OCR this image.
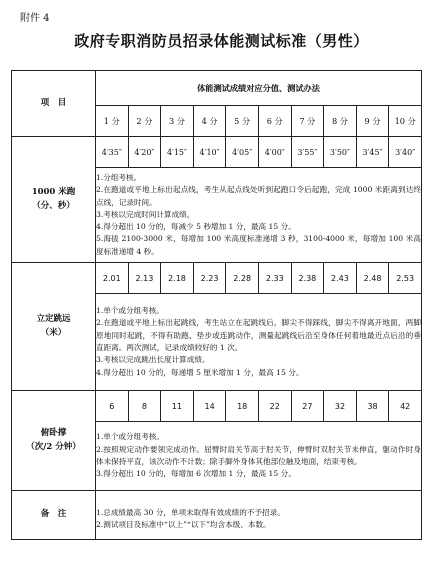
附件 4
政府专职消防员招录体能测试标准（男性）
项　目	体能测试成绩对应分值、测试办法									
	1 分	2 分	3 分	4 分	5 分	6 分	7 分	8 分	9 分	10 分

1000 米跑
（分、秒）	4′35″	4′20″	4′15″	4′10″	4′05″	4′00″	3′55″	3′50″	3′45″	3′40″

	1.分组考核。
2.在跑道或平地上标出起点线，考生从起点线处听到起跑口令后起跑，完成 1000 米距离到达终点线，记录时间。
3.考核以完成时间计算成绩。
4.得分超出 10 分的，每减少 5 秒增加 1 分，最高 15 分。
5.海拔 2100-3000 米，每增加 100 米高度标准递增 3 秒，3100-4000 米，每增加 100 米高度标准递增 4 秒。									

立定跳远
（米）	2.01	2.13	2.18	2.23	2.28	2.33	2.38	2.43	2.48	2.53

	1.单个或分组考核。
2.在跑道或平地上标出起跳线，考生站立在起跳线后，脚尖不得踩线，脚尖不得离开地面，两脚原地同时起跳，不得有助跑、垫步或连跳动作，测量起跳线后沿至身体任何着地最近点后沿的垂直距离。两次测试，记录成绩较好的 1 次。
3.考核以完成跳出长度计算成绩。
4.得分超出 10 分的，每递增 5 厘米增加 1 分，最高 15 分。									

俯卧撑
（次/2 分钟）	6	8	11	14	18	22	27	32	38	42

	1.单个或分组考核。
2.按照规定动作要领完成动作。屈臂时肩关节高于肘关节，伸臂时双肘关节未伸直，躯动作时身体未保持平直，该次动作不计数；除手脚外身体其他部位触及地面，结束考核。
3.得分超出 10 分的，每增加 6 次增加 1 分，最高 15 分。									

备　注	1.总成绩最高 30 分，单项未取得有效成绩的不予招录。
2.测试项目及标准中“以上”“以下”均含本级、本数。									
